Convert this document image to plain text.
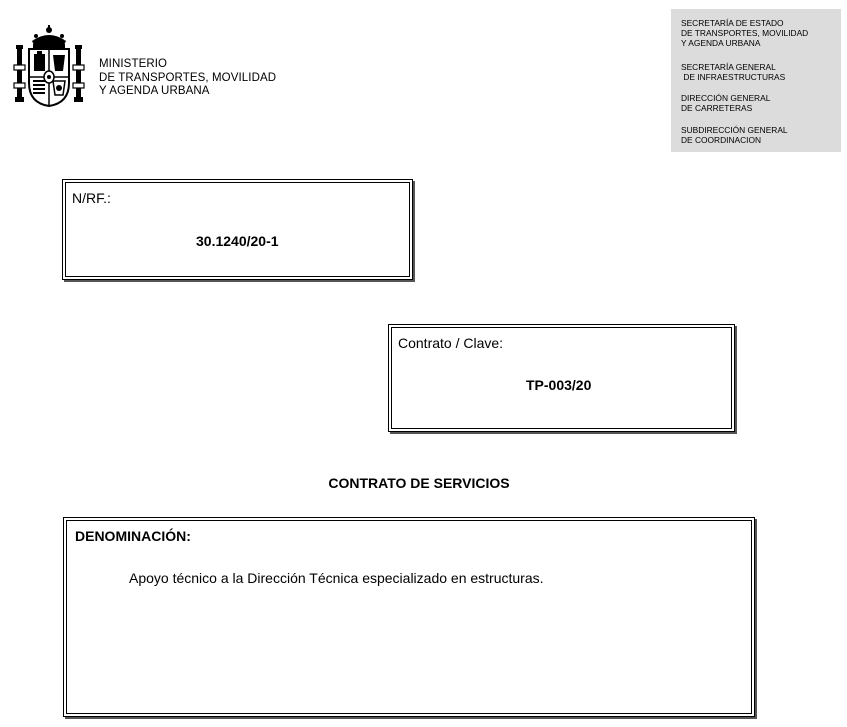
MINISTERIO
DE TRANSPORTES, MOVILIDAD
Y AGENDA URBANA
SECRETARÍA DE ESTADO
DE TRANSPORTES, MOVILIDAD
Y AGENDA URBANA
SECRETARÍA GENERAL
DE INFRAESTRUCTURAS
DIRECCIÓN GENERAL
DE CARRETERAS
SUBDIRECCIÓN GENERAL
DE COORDINACION
N/RF.:
30.1240/20-1
Contrato / Clave:
TP-003/20
CONTRATO DE SERVICIOS
DENOMINACIÓN:
Apoyo técnico a la Dirección Técnica especializado en estructuras.
